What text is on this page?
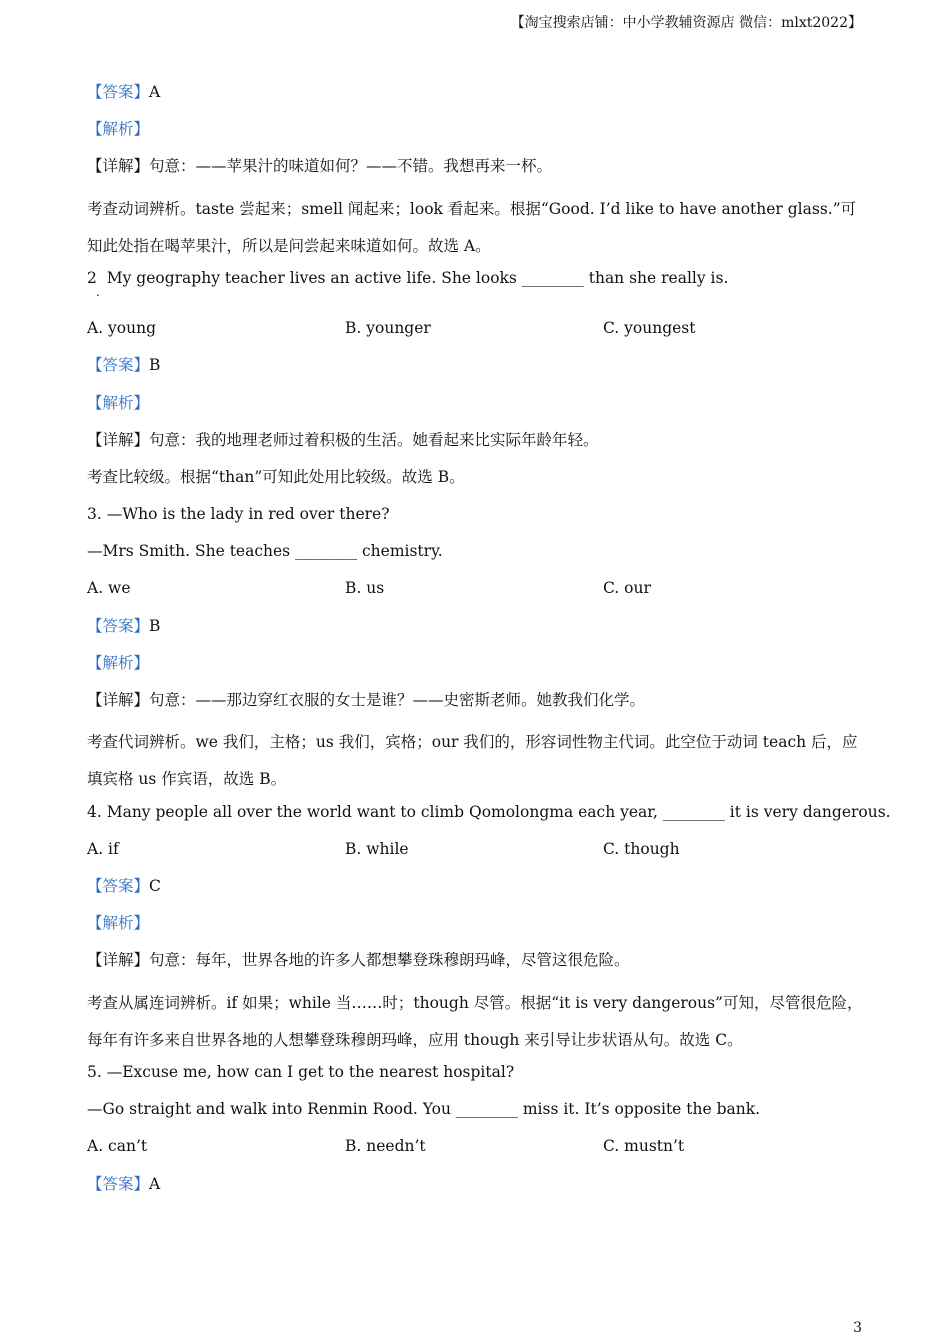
【淘宝搜索店铺：中小学教辅资源店 微信：mlxt2022】
【答案】A
【解析】
【详解】句意：——苹果汁的味道如何？——不错。我想再来一杯。
考查动词辨析。taste 尝起来；smell 闻起来；look 看起来。根据“Good. I’d like to have another glass.”可知此处指在喝苹果汁，所以是问尝起来味道如何。故选 A。
2 My geography teacher lives an active life. She looks ________ than she really is.
.
A. young	B. younger	C. youngest
【答案】B
【解析】
【详解】句意：我的地理老师过着积极的生活。她看起来比实际年龄年轻。
考查比较级。根据“than”可知此处用比较级。故选 B。
3. —Who is the lady in red over there?
—Mrs Smith. She teaches ________ chemistry.
A. we	B. us	C. our
【答案】B
【解析】
【详解】句意：——那边穿红衣服的女士是谁？——史密斯老师。她教我们化学。
考查代词辨析。we 我们，主格；us 我们，宾格；our 我们的，形容词性物主代词。此空位于动词 teach 后，应填宾格 us 作宾语，故选 B。
4. Many people all over the world want to climb Qomolongma each year, ________ it is very dangerous.
A. if	B. while	C. though
【答案】C
【解析】
【详解】句意：每年，世界各地的许多人都想攀登珠穆朗玛峰，尽管这很危险。
考查从属连词辨析。if 如果；while 当……时；though 尽管。根据“it is very dangerous”可知，尽管很危险，每年有许多来自世界各地的人想攀登珠穆朗玛峰，应用 though 来引导让步状语从句。故选 C。
5. —Excuse me, how can I get to the nearest hospital?
—Go straight and walk into Renmin Rood. You ________ miss it. It’s opposite the bank.
A. can’t	B. needn’t	C. mustn’t
【答案】A
3
